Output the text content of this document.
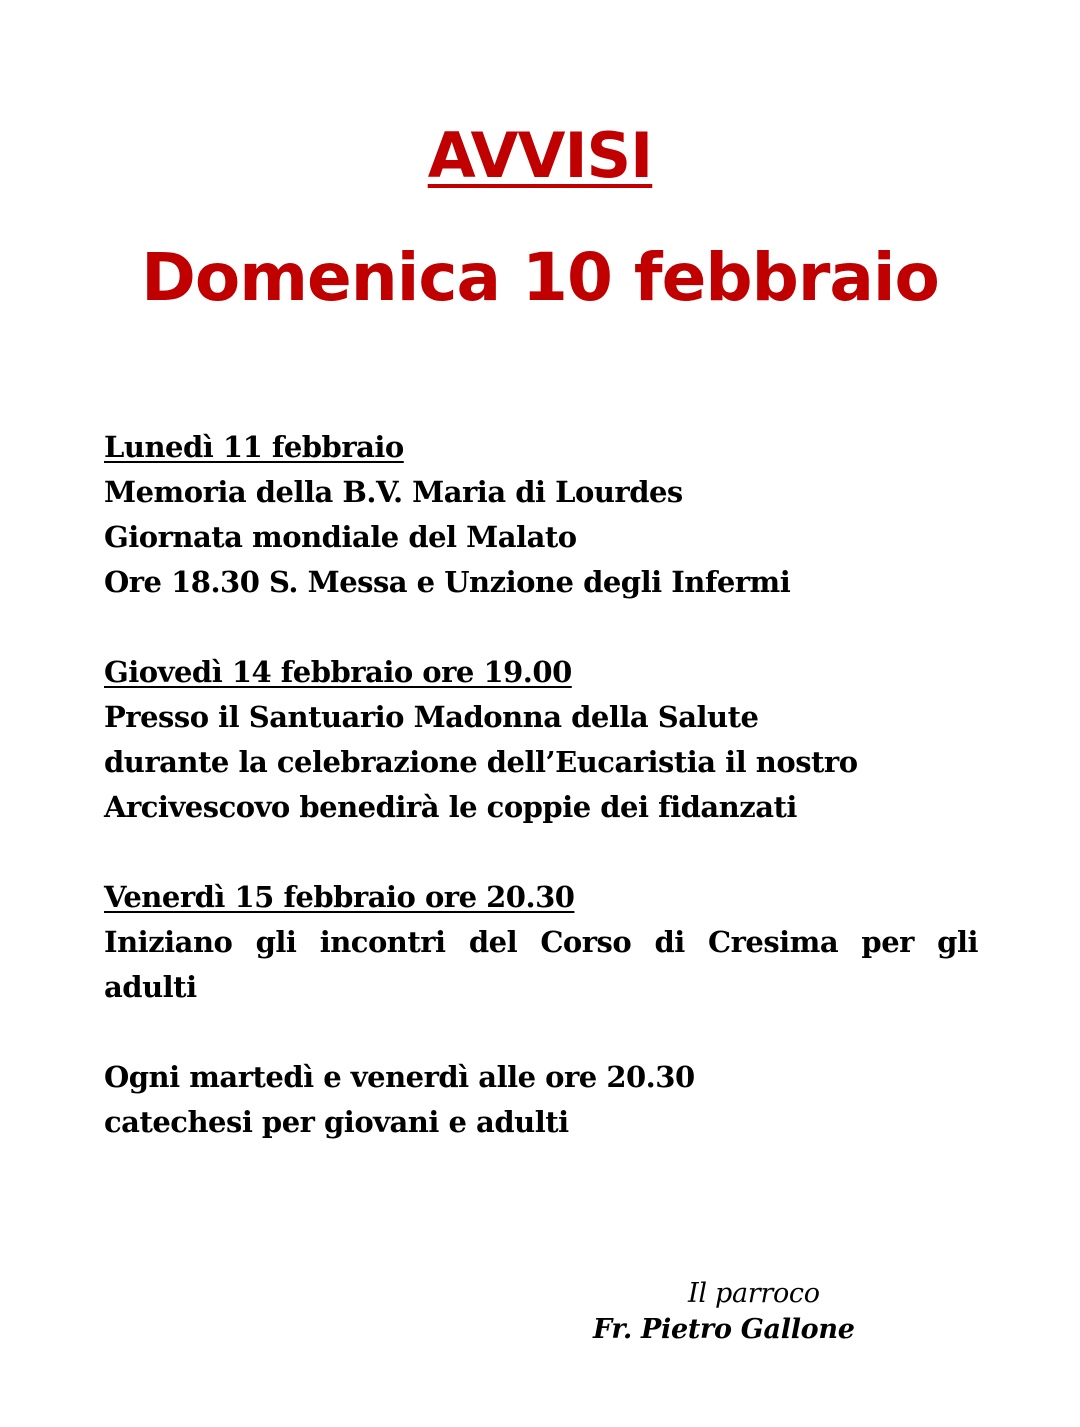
AVVISI
Domenica 10 febbraio
Lunedì 11 febbraio
Memoria della B.V. Maria di Lourdes
Giornata mondiale del Malato
Ore 18.30 S. Messa e Unzione degli Infermi
Giovedì 14 febbraio ore 19.00
Presso il Santuario Madonna della Salute
durante la celebrazione dell’Eucaristia il nostro
Arcivescovo benedirà le coppie dei fidanzati
Venerdì 15 febbraio ore 20.30
Iniziano gli incontri del Corso di Cresima per gli
adulti
Ogni martedì e venerdì alle ore 20.30
catechesi per giovani e adulti
Il parroco
Fr. Pietro Gallone
